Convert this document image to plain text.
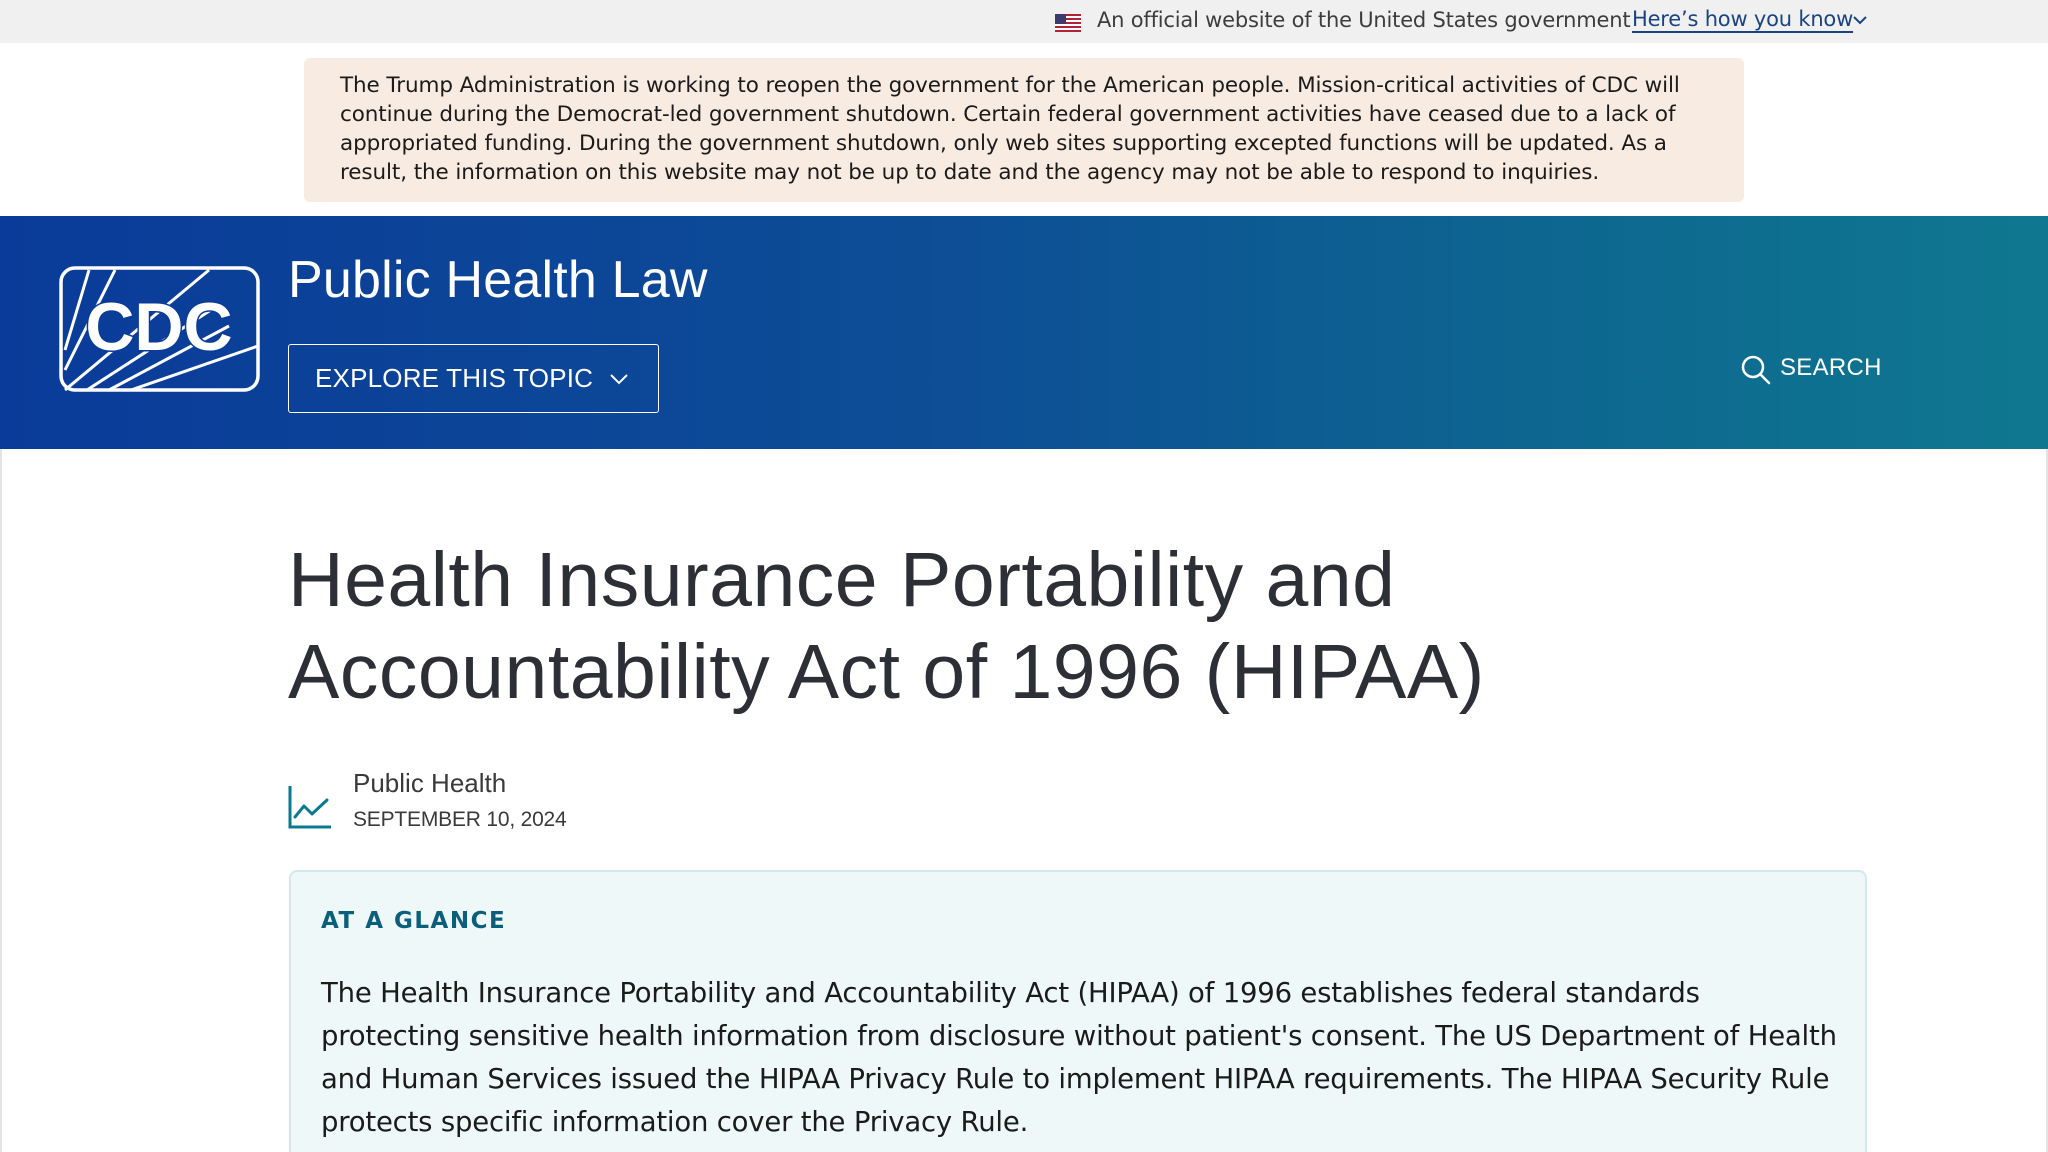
An official website of the United States government Here’s how you know

The Trump Administration is working to reopen the government for the American people. Mission-critical activities of CDC will continue during the Democrat-led government shutdown. Certain federal government activities have ceased due to a lack of appropriated funding. During the government shutdown, only web sites supporting excepted functions will be updated. As a result, the information on this website may not be up to date and the agency may not be able to respond to inquiries.

CDC
Public Health Law
EXPLORE THIS TOPIC	SEARCH
Health Insurance Portability and Accountability Act of 1996 (HIPAA)
Public Health
SEPTEMBER 10, 2024
AT A GLANCE

The Health Insurance Portability and Accountability Act (HIPAA) of 1996 establishes federal standards protecting sensitive health information from disclosure without patient's consent. The US Department of Health and Human Services issued the HIPAA Privacy Rule to implement HIPAA requirements. The HIPAA Security Rule protects specific information cover the Privacy Rule.
